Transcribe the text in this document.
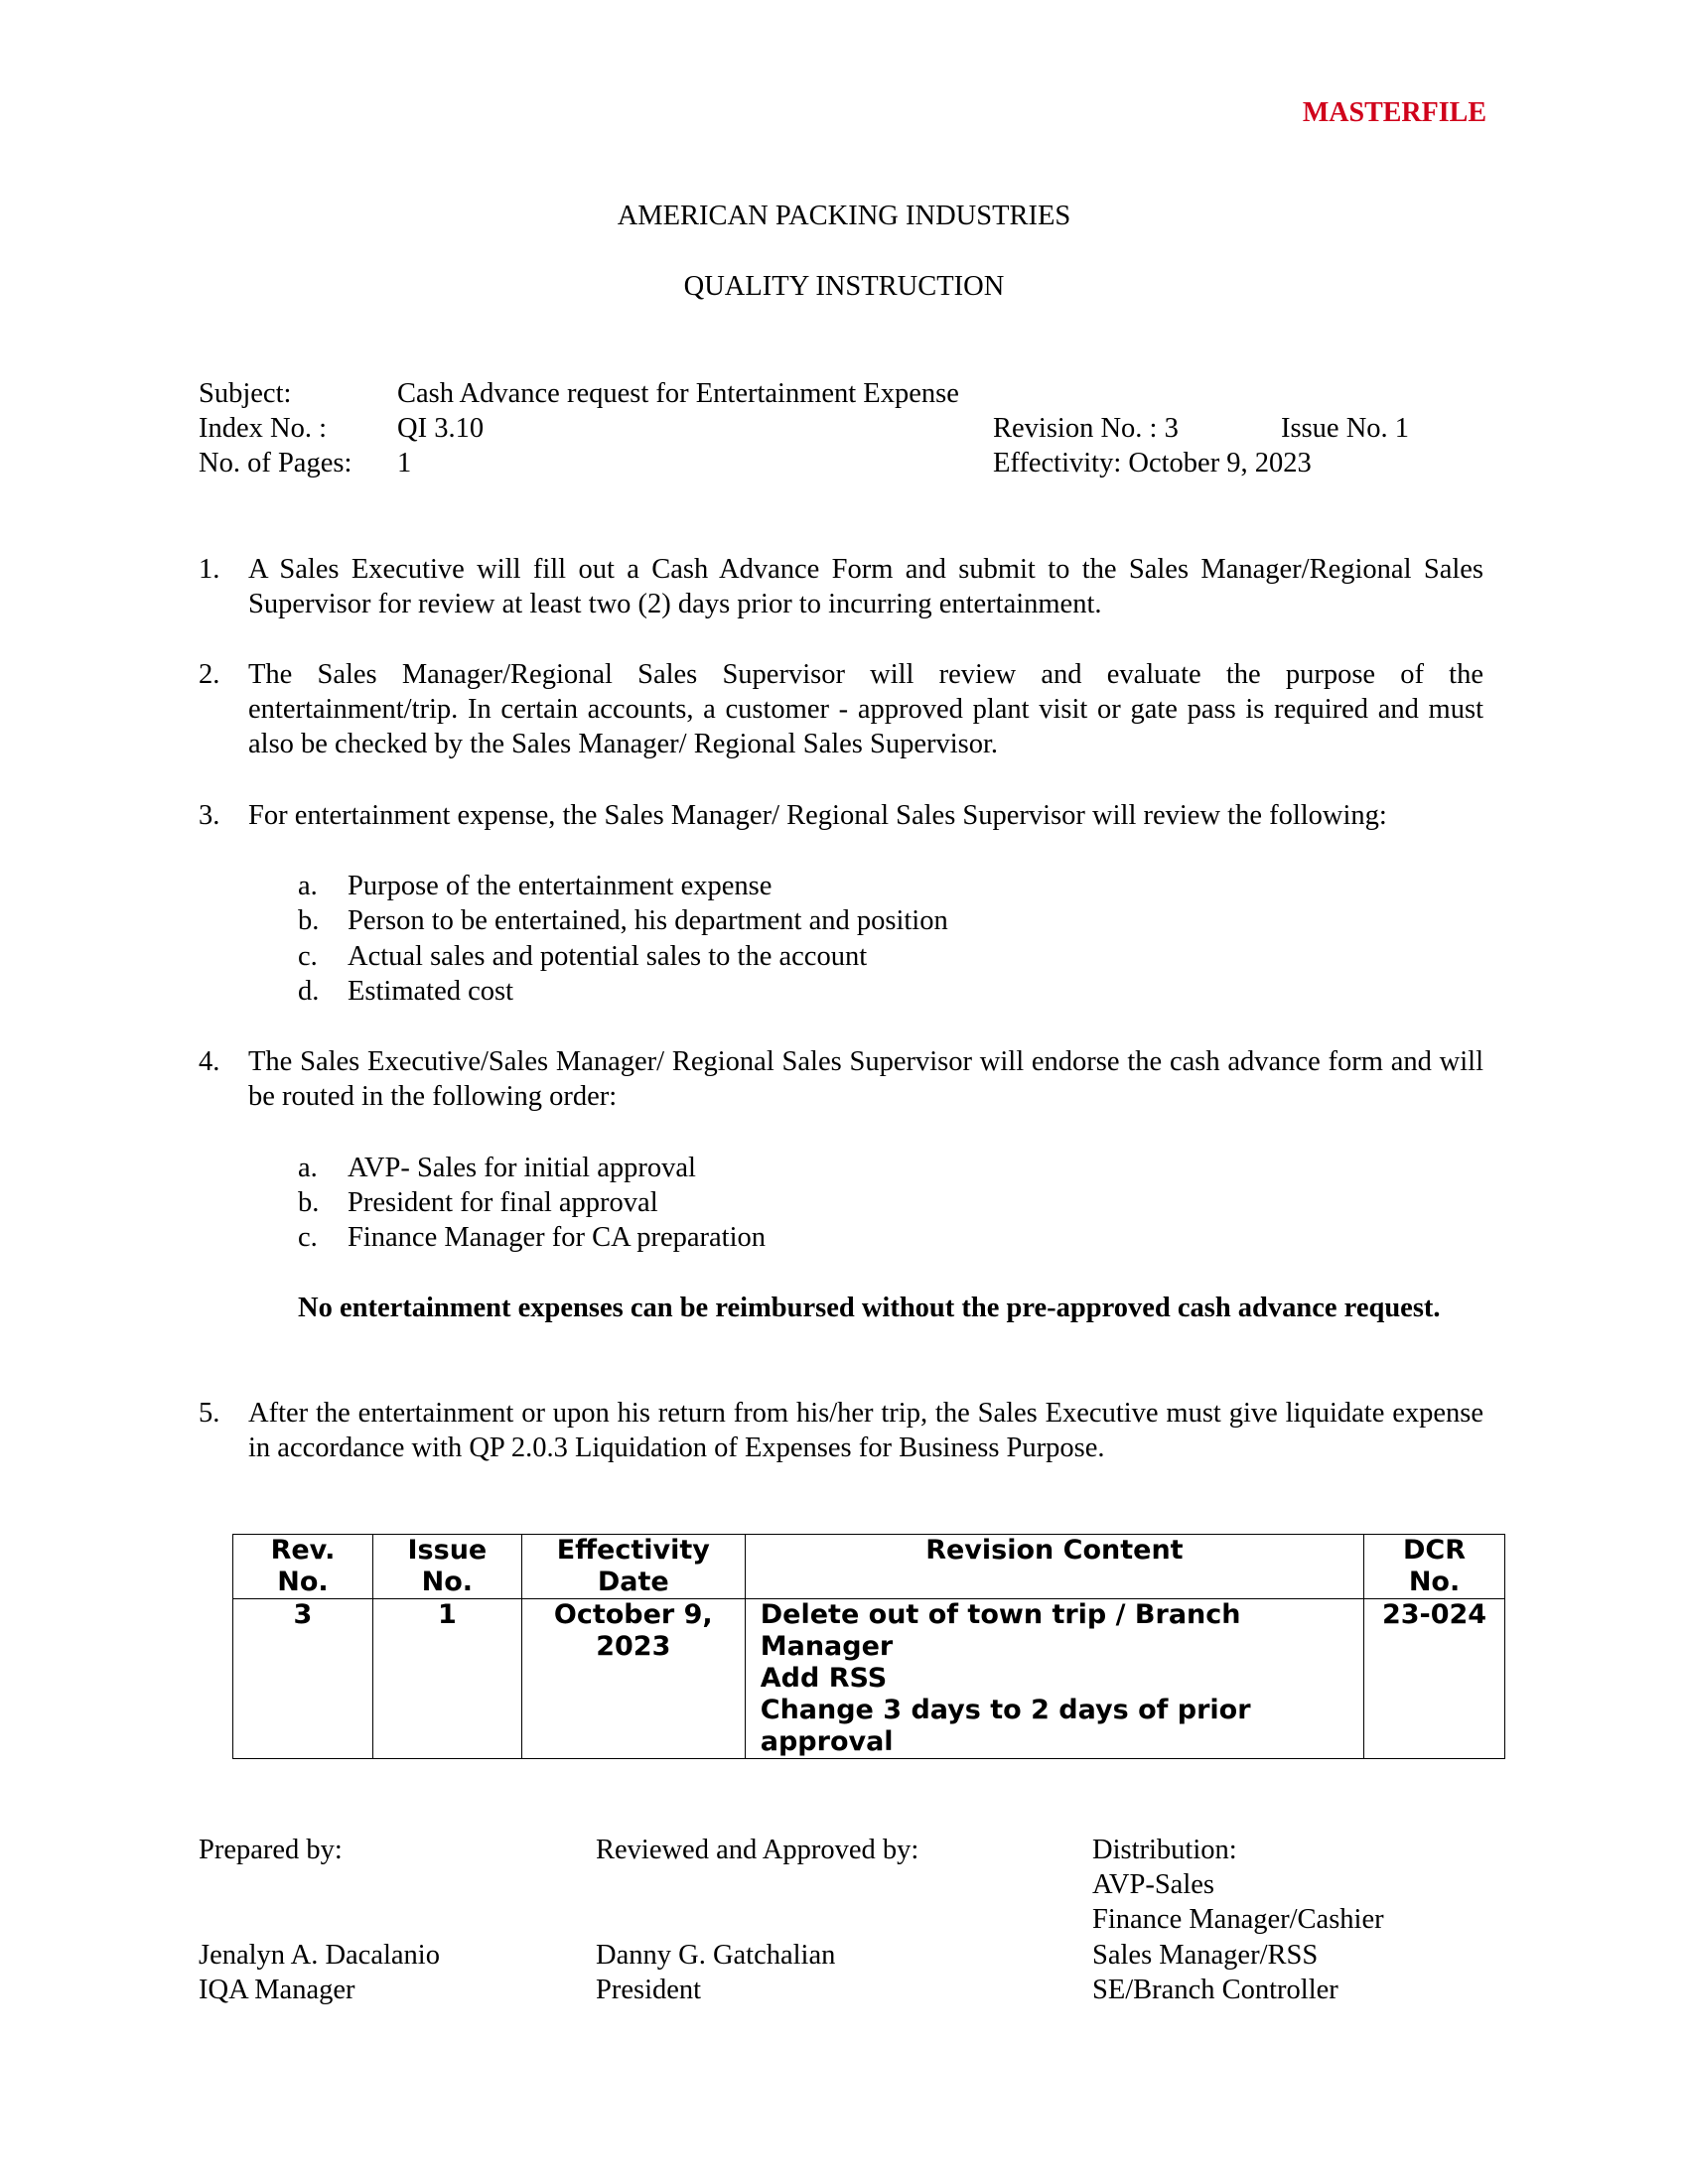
MASTERFILE
AMERICAN PACKING INDUSTRIES
QUALITY INSTRUCTION
Subject:	Cash Advance request for Entertainment Expense
Index No. : QI 3.10	Revision No. : 3	Issue No. 1
No. of Pages: 1	Effectivity: October 9, 2023
1. A Sales Executive will fill out a Cash Advance Form and submit to the Sales Manager/Regional Sales Supervisor for review at least two (2) days prior to incurring entertainment.
2. The Sales Manager/Regional Sales Supervisor will review and evaluate the purpose of the entertainment/trip. In certain accounts, a customer - approved plant visit or gate pass is required and must also be checked by the Sales Manager/ Regional Sales Supervisor.
3. For entertainment expense, the Sales Manager/ Regional Sales Supervisor will review the following:
a.	Purpose of the entertainment expense
b.	Person to be entertained, his department and position
c.	Actual sales and potential sales to the account
d.	Estimated cost
4. The Sales Executive/Sales Manager/ Regional Sales Supervisor will endorse the cash advance form and will be routed in the following order:
a.	AVP- Sales for initial approval
b.	President for final approval
c.	Finance Manager for CA preparation
No entertainment expenses can be reimbursed without the pre-approved cash advance request.
5. After the entertainment or upon his return from his/her trip, the Sales Executive must give liquidate expense in accordance with QP 2.0.3 Liquidation of Expenses for Business Purpose.
Rev. No.	Issue No.	Effectivity Date	Revision Content	DCR No.
3	1	October 9, 2023	Delete out of town trip / Branch Manager
Add RSS
Change 3 days to 2 days of prior approval	23-024
Prepared by:
Jenalyn A. Dacalanio
IQA Manager
Reviewed and Approved by:
Danny G. Gatchalian
President
Distribution:
AVP-Sales
Finance Manager/Cashier
Sales Manager/RSS
SE/Branch Controller
